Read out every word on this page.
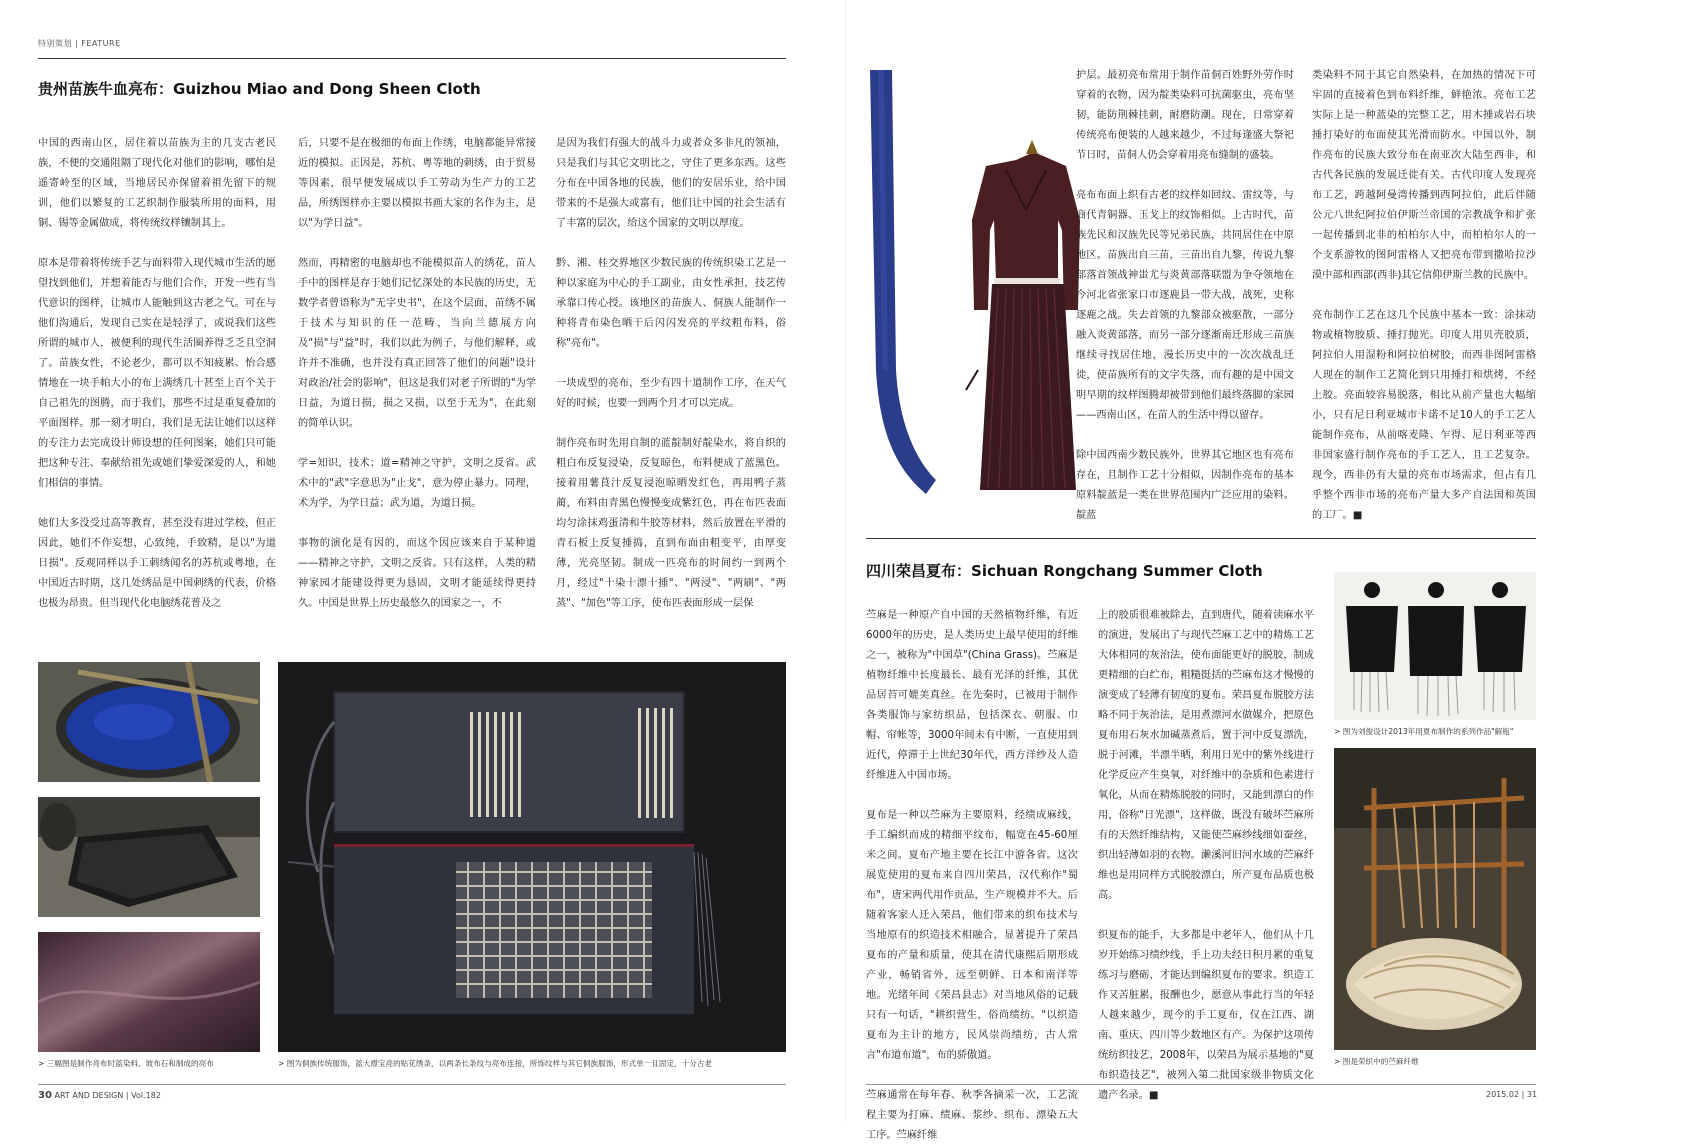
特别策划 | FEATURE
贵州苗族牛血亮布：Guizhou Miao and Dong Sheen Cloth

中国的西南山区，居住着以苗族为主的几支古老民族，不便的交通阻隔了现代化对他们的影响，哪怕是遥寄岭至的区域，当地居民亦保留着祖先留下的规训，他们以繁复的工艺织制作服装所用的面料，用铜、锡等金属做成，将传统纹样镶制其上。

原本是带着将传统手艺与面料带入现代城市生活的愿望找到他们，并想着能否与他们合作，开发一些有当代意识的图样，让城市人能触到这古老之气。可在与他们沟通后，发现自己实在是轻浮了，或说我们这些所谓的城市人，被便利的现代生活圈养得乏乏且空洞了。苗族女性，不论老少，都可以不知疲累、怡合感情地在一块手帕大小的布上满绣几十甚至上百个关于自己祖先的图腾，而于我们，那些不过是重复叠加的平面图样。那一刻才明白，我们是无法让她们以这样的专注力去完成设计师设想的任何图案，她们只可能把这种专注、奉献给祖先或她们挚爱深爱的人，和她们相信的事情。

她们大多没受过高等教育，甚至没有进过学校，但正因此，她们不作妄想，心致纯，手致精，是以"为道日损"。反观同样以手工刺绣闻名的苏杭或粤地，在中国近古时期，这几处绣品是中国刺绣的代表，价格也极为昂贵。但当现代化电脑绣花普及之

后，只要不是在极细的布面上作绣，电脑都能异常接近的模拟。正因是，苏杭、粤等地的刺绣，由于贸易等因素，很早便发展成以手工劳动为生产力的工艺品，所绣图样亦主要以模拟书画大家的名作为主，是以"为学日益"。

然而，再精密的电脑却也不能模拟苗人的绣花，苗人手中的图样是存于她们记忆深处的本民族的历史，无数学者曾语称为"无字史书"，在这个层面，苗绣不属于技术与知识的任一范畴，当向兰德展方向及"损"与"益"时，我们以此为例子，与他们解释，或许并不准确，也并没有真正回答了他们的问题"设计对政治/社会的影响"，但这是我们对老子所谓的"为学日益，为道日损，损之又损，以至于无为"，在此刻的简单认识。

学=知识，技术；道=精神之守护，文明之反省。武术中的"武"字意思为"止戈"，意为停止暴力。同理，术为学，为学日益；武为道，为道日损。

事物的演化是有因的，而这个因应该来自于某种道——精神之守护，文明之反省。只有这样，人类的精神家园才能建设得更为恳固，文明才能延续得更持久。中国是世界上历史最悠久的国家之一，不

是因为我们有强大的战斗力或者众多非凡的领袖，只是我们与其它文明比之，守住了更多东西。这些分布在中国各地的民族，他们的安居乐业，给中国带来的不是强大或富有，他们让中国的社会生活有了丰富的层次，给这个国家的文明以厚度。

黔、湘、桂交界地区少数民族的传统织染工艺是一种以家庭为中心的手工副业，由女性承担，技艺传承靠口传心授。该地区的苗族人、侗族人能制作一种将青布染色晒干后闪闪发亮的平纹粗布料，俗称"亮布"。

一块成型的亮布，至少有四十道制作工序，在天气好的时候，也要一到两个月才可以完成。

制作亮布时先用自制的蓝靛制好靛染水，将自织的粗白布反复浸染，反复晾色，布料便成了蓝黑色。接着用薯茛汁反复浸泡晾晒发红色，再用鸭子蒸蔺，布料由青黑色慢慢变成紫红色，再在布匹表面均匀涂抹鸡蛋清和牛胶等材料，然后放置在平滑的青石板上反复捶捣，直到布面由粗变平，由厚变薄，光亮坚韧。制成一匹亮布的时间约一到两个月，经过"十染十漂十捶"、"两浸"、"两刷"、"两蒸"、"加色"等工序，使布匹表面形成一层保

> 三幅图是制作亮布时蓝染料、坡布石和制成的亮布	> 图为侗族传统服饰，蓝大襟宝亮的贴花绣条，以两条长条纹与亮布连接，所饰纹样与其它侗族服饰，形式单一且固定，十分古老
30 ART AND DESIGN | Vol.182

护层。最初亮布常用于制作苗侗百姓野外劳作时穿着的衣物，因为靛类染料可抗菌驱虫，亮布坚韧，能防荆棘挂刺，耐磨防潮。现在，日常穿着传统亮布便装的人越来越少，不过每逢盛大祭祀节日时，苗侗人仍会穿着用亮布缝制的盛装。

亮布布面上织有古老的纹样如回纹、雷纹等，与商代青铜器、玉戈上的纹饰相似。上古时代，苗族先民和汉族先民等兄弟民族，共同居住在中原地区。苗族出自三苗，三苗出自九黎，传说九黎部落首领战神蚩尤与炎黄部落联盟为争夺领地在今河北省张家口市逐鹿县一带大战，战死，史称逐鹿之战。失去首领的九黎部众被驱散，一部分融入炎黄部落，而另一部分逐渐南迁形成三苗族继续寻找居住地，漫长历史中的一次次战乱迁徙，使苗族所有的文字失落，而有趣的是中国文明早期的纹样图腾却被带到他们最终落脚的家园——西南山区，在苗人的生活中得以留存。

除中国西南少数民族外，世界其它地区也有亮布存在，且制作工艺十分相似，因制作亮布的基本原料靛蓝是一类在世界范围内广泛应用的染料。靛蓝

类染料不同于其它自然染料，在加热的情况下可牢固的直接着色到布料纤维，鲜艳浓。亮布工艺实际上是一种蓝染的完整工艺，用木捶或岩石块捶打染好的布面使其光滑而防水。中国以外，制作亮布的民族大致分布在南亚次大陆至西非，和古代各民族的发展迁徙有关。古代印度人发现亮布工艺，跨越阿曼湾传播到西阿拉伯，此后伴随公元八世纪阿拉伯伊斯兰帝国的宗教战争和扩张一起传播到北非的柏柏尔人中，而柏柏尔人的一个支系游牧的图阿雷格人又把亮布带到撒哈拉沙漠中部和西部(西非)其它信仰伊斯兰教的民族中。

亮布制作工艺在这几个民族中基本一致：涂抹动物或植物胶质、捶打抛光。印度人用贝壳胶质，阿拉伯人用湿粉和阿拉伯树胶，而西非图阿雷格人现在的制作工艺简化到只用捶打和烘烤，不经上胶。亮面较容易脱落，相比从前产量也大幅缩小，只有尼日利亚城市卡诺不足10人的手工艺人能制作亮布，从前喀麦隆、乍得、尼日利亚等西非国家盛行制作亮布的手工艺人，且工艺复杂。现今，西非仍有大量的亮布市场需求，但占有几乎整个西非市场的亮布产量大多产自法国和英国的工厂。■

四川荣昌夏布：Sichuan Rongchang Summer Cloth

苎麻是一种原产自中国的天然植物纤维，有近6000年的历史，是人类历史上最早使用的纤维之一，被称为"中国草"(China Grass)。苎麻是植物纤维中长度最长、最有光泽的纤维，其优品居苔可媲美真丝。在先秦时，已被用于制作各类服饰与家纺织品，包括深衣、朝服、巾帽、帘帐等，3000年间未有中断，一直使用到近代，停滞于上世纪30年代，西方洋纱及人造纤维进入中国市场。

夏布是一种以苎麻为主要原料，经绩成麻线，手工编织而成的精细平纹布，幅宽在45-60厘米之间。夏布产地主要在长江中游各省。这次展览使用的夏布来自四川荣昌，汉代称作"蜀布"，唐宋两代用作贡品，生产规模并不大。后随着客家人迁入荣昌，他们带来的织布技术与当地原有的织造技术相融合，显著提升了荣昌夏布的产量和质量，使其在清代康熙后期形成产业，畅销省外，远至朝鲜、日本和南洋等地。光绪年间《荣昌县志》对当地风俗的记载只有一句话，"耕织营生，俗尚绩纺。"以织造夏布为主计的地方，民风崇尚绩纺，古人常言"布道布道"，布的骄傲道。

苎麻通常在每年春、秋季各摘采一次，工艺流程主要为打麻、绩麻、浆纱、织布、漂染五大工序。苎麻纤维

上的胶质很难被除去，直到唐代，随着读麻水平的演进，发展出了与现代苎麻工艺中的精炼工艺大体相同的灰治法，使布面能更好的脱胶，制成更精细的白纻布，粗糙挺括的苎麻布这才慢慢的演变成了轻薄有韧度的夏布。荣昌夏布脱胶方法略不同于灰治法，是用煮漂河水做媒介，把原色夏布用石灰水加碱蒸煮后，置于河中反复漂洗，脱于河滩，半漂半晒，利用日光中的紫外线进行化学反应产生臭氧，对纤维中的杂质和色素进行氧化，从而在精炼脱胶的同时，又能到漂白的作用，俗称"日光漂"，这样做，既没有破坏苎麻所有的天然纤维结构，又能使苎麻纱线细如蚕丝，织出轻薄如羽的衣物。濑溪河旧河水域的苎麻纤维也是用同样方式脱胶漂白，所产夏布品质也极高。

织夏布的能手，大多都是中老年人，他们从十几岁开始练习绩纱线，手上功夫经日积月累的重复练习与磨砺，才能达到编织夏布的要求。织造工作又苦脏累，报酬也少，愿意从事此行当的年轻人越来越少，现今的手工夏布，仅在江西、湖南、重庆、四川等少数地区有产。为保护这项传统纺织技艺，2008年，以荣昌为展示基地的"夏布织造技艺"，被列入第二批国家级非物质文化遗产名录。■

> 图为刘俊设计2013年用夏布制作的系列作品"解瓶"
> 图是荣织中的苎麻纤维
2015.02 | 31
